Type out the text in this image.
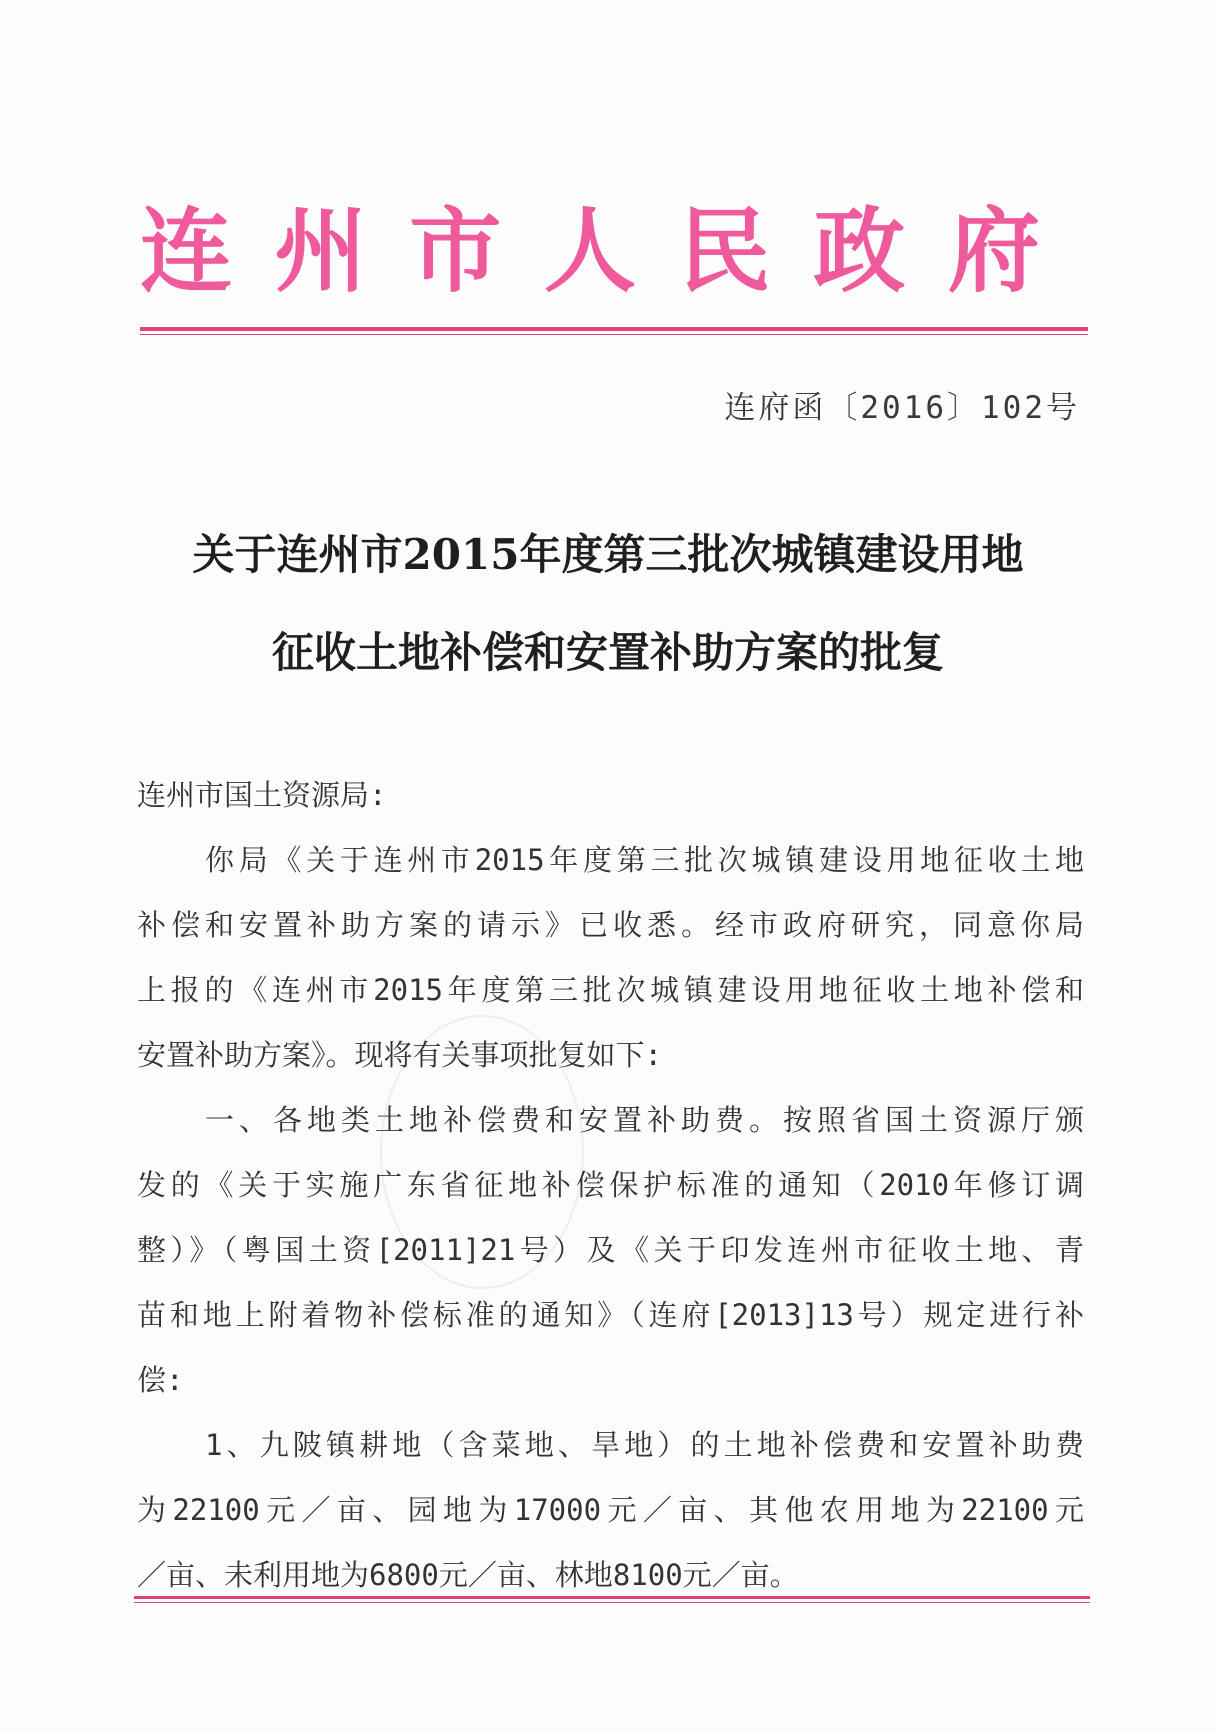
连 州 市 人 民 政 府
连府函〔2016〕102号
关于连州市2015年度第三批次城镇建设用地
征收土地补偿和安置补助方案的批复
连州市国土资源局:
你局《关于连州市2015年度第三批次城镇建设用地征收土地
补偿和安置补助方案的请示》已收悉。经市政府研究，同意你局
上报的《连州市2015年度第三批次城镇建设用地征收土地补偿和
安置补助方案》。现将有关事项批复如下:
一、各地类土地补偿费和安置补助费。按照省国土资源厅颁
发的《关于实施广东省征地补偿保护标准的通知（2010年修订调
整）》（粤国土资[2011]21号）及《关于印发连州市征收土地、青
苗和地上附着物补偿标准的通知》（连府[2013]13号）规定进行补
偿:
1、九陂镇耕地（含菜地、旱地）的土地补偿费和安置补助费
为22100元／亩、园地为17000元／亩、其他农用地为22100元
／亩、未利用地为6800元／亩、林地8100元／亩。
